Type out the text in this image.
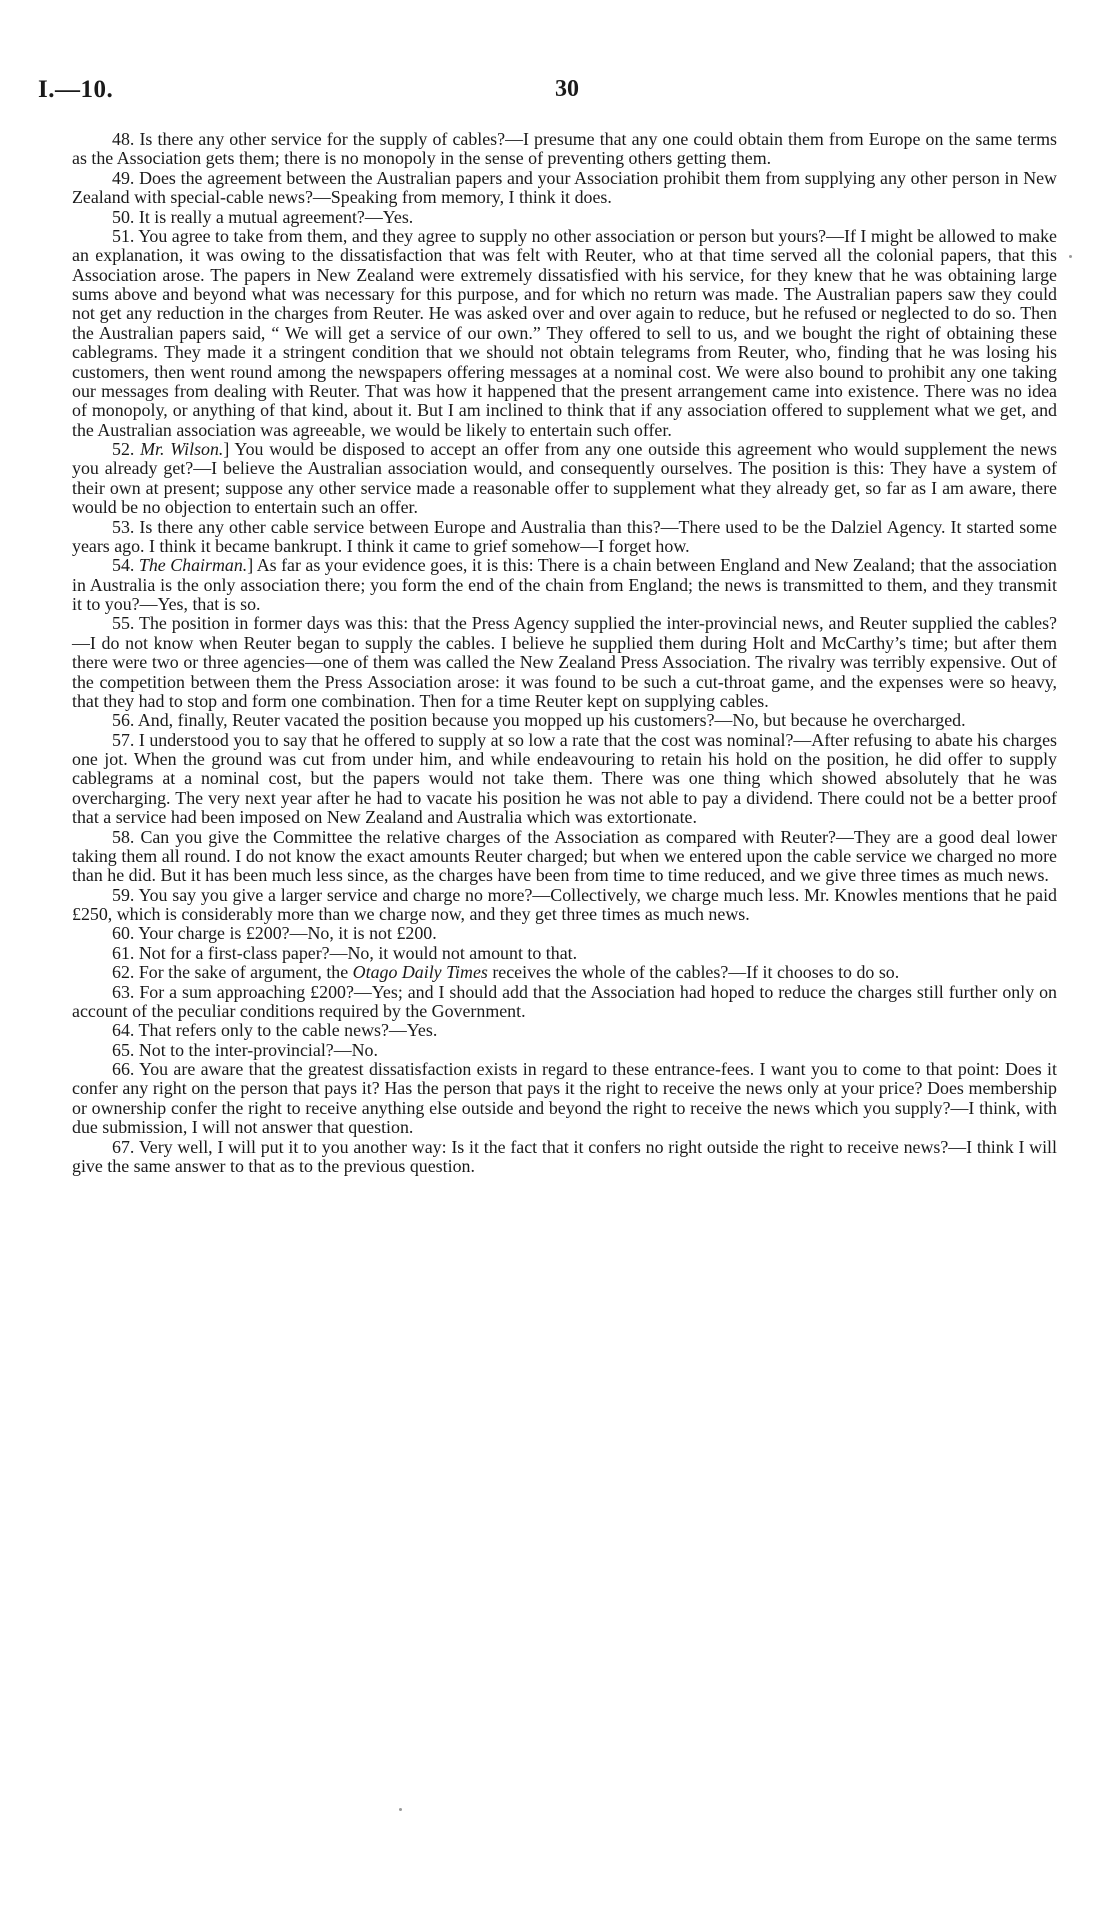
I.—10.	30

48. Is there any other service for the supply of cables?—I presume that any one could obtain them from Europe on the same terms as the Association gets them; there is no monopoly in the sense of preventing others getting them.

49. Does the agreement between the Australian papers and your Association prohibit them from supplying any other person in New Zealand with special-cable news?—Speaking from memory, I think it does.

50. It is really a mutual agreement?—Yes.

51. You agree to take from them, and they agree to supply no other association or person but yours?—If I might be allowed to make an explanation, it was owing to the dissatisfaction that was felt with Reuter, who at that time served all the colonial papers, that this Association arose. The papers in New Zealand were extremely dissatisfied with his service, for they knew that he was obtaining large sums above and beyond what was necessary for this purpose, and for which no return was made. The Australian papers saw they could not get any reduction in the charges from Reuter. He was asked over and over again to reduce, but he refused or neglected to do so. Then the Australian papers said, “ We will get a service of our own.” They offered to sell to us, and we bought the right of obtaining these cablegrams. They made it a stringent condition that we should not obtain telegrams from Reuter, who, finding that he was losing his customers, then went round among the newspapers offering messages at a nominal cost. We were also bound to prohibit any one taking our messages from dealing with Reuter. That was how it happened that the present arrangement came into existence. There was no idea of monopoly, or anything of that kind, about it. But I am inclined to think that if any association offered to supplement what we get, and the Australian association was agreeable, we would be likely to entertain such offer.

52. Mr. Wilson.] You would be disposed to accept an offer from any one outside this agreement who would supplement the news you already get?—I believe the Australian association would, and consequently ourselves. The position is this: They have a system of their own at present; suppose any other service made a reasonable offer to supplement what they already get, so far as I am aware, there would be no objection to entertain such an offer.

53. Is there any other cable service between Europe and Australia than this?—There used to be the Dalziel Agency. It started some years ago. I think it became bankrupt. I think it came to grief somehow—I forget how.

54. The Chairman.] As far as your evidence goes, it is this: There is a chain between England and New Zealand; that the association in Australia is the only association there; you form the end of the chain from England; the news is transmitted to them, and they transmit it to you?—Yes, that is so.

55. The position in former days was this: that the Press Agency supplied the inter-provincial news, and Reuter supplied the cables?—I do not know when Reuter began to supply the cables. I believe he supplied them during Holt and McCarthy’s time; but after them there were two or three agencies—one of them was called the New Zealand Press Association. The rivalry was terribly expensive. Out of the competition between them the Press Association arose: it was found to be such a cut-throat game, and the expenses were so heavy, that they had to stop and form one combination. Then for a time Reuter kept on supplying cables.

56. And, finally, Reuter vacated the position because you mopped up his customers?—No, but because he overcharged.

57. I understood you to say that he offered to supply at so low a rate that the cost was nominal?—After refusing to abate his charges one jot. When the ground was cut from under him, and while endeavouring to retain his hold on the position, he did offer to supply cablegrams at a nominal cost, but the papers would not take them. There was one thing which showed absolutely that he was overcharging. The very next year after he had to vacate his position he was not able to pay a dividend. There could not be a better proof that a service had been imposed on New Zealand and Australia which was extortionate.

58. Can you give the Committee the relative charges of the Association as compared with Reuter?—They are a good deal lower taking them all round. I do not know the exact amounts Reuter charged; but when we entered upon the cable service we charged no more than he did. But it has been much less since, as the charges have been from time to time reduced, and we give three times as much news.

59. You say you give a larger service and charge no more?—Collectively, we charge much less. Mr. Knowles mentions that he paid £250, which is considerably more than we charge now, and they get three times as much news.

60. Your charge is £200?—No, it is not £200.

61. Not for a first-class paper?—No, it would not amount to that.

62. For the sake of argument, the Otago Daily Times receives the whole of the cables?—If it chooses to do so.

63. For a sum approaching £200?—Yes; and I should add that the Association had hoped to reduce the charges still further only on account of the peculiar conditions required by the Government.

64. That refers only to the cable news?—Yes.

65. Not to the inter-provincial?—No.

66. You are aware that the greatest dissatisfaction exists in regard to these entrance-fees. I want you to come to that point: Does it confer any right on the person that pays it? Has the person that pays it the right to receive the news only at your price? Does membership or ownership confer the right to receive anything else outside and beyond the right to receive the news which you supply?—I think, with due submission, I will not answer that question.

67. Very well, I will put it to you another way: Is it the fact that it confers no right outside the right to receive news?—I think I will give the same answer to that as to the previous question.
